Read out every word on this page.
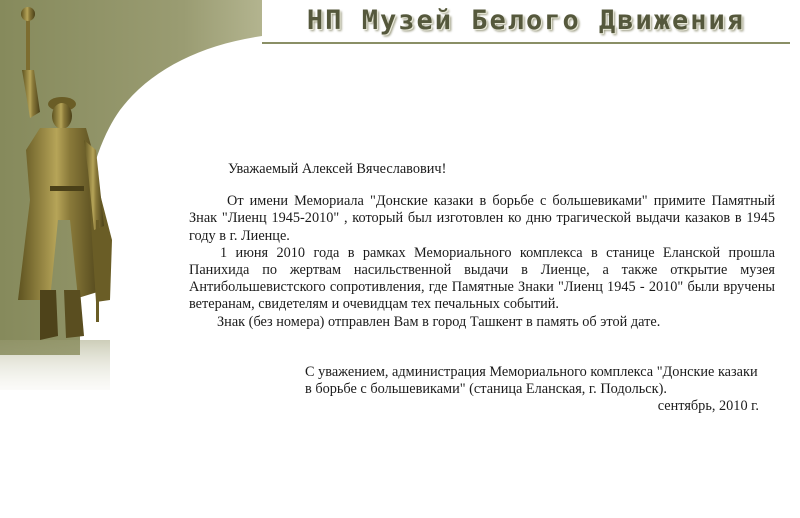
НП Музей Белого Движения

Уважаемый Алексей Вячеславович!

От имени Мемориала "Донские казаки в борьбе с большевиками" примите Памятный Знак "Лиенц 1945-2010" , который был изготовлен ко дню трагической выдачи казаков в 1945 году в г. Лиенце.

1 июня 2010 года в рамках Мемориального комплекса в станице Еланской прошла Панихида по жертвам насильственной выдачи в Лиенце, а также открытие музея Антибольшевистского сопротивления, где Памятные Знаки "Лиенц 1945 - 2010" были вручены ветеранам, свидетелям и очевидцам тех печальных событий.

Знак (без номера) отправлен Вам в город Ташкент в память об этой дате.

С уважением, администрация Мемориального комплекса "Донские казаки в борьбе с большевиками" (станица Еланская, г. Подольск).

сентябрь, 2010 г.
